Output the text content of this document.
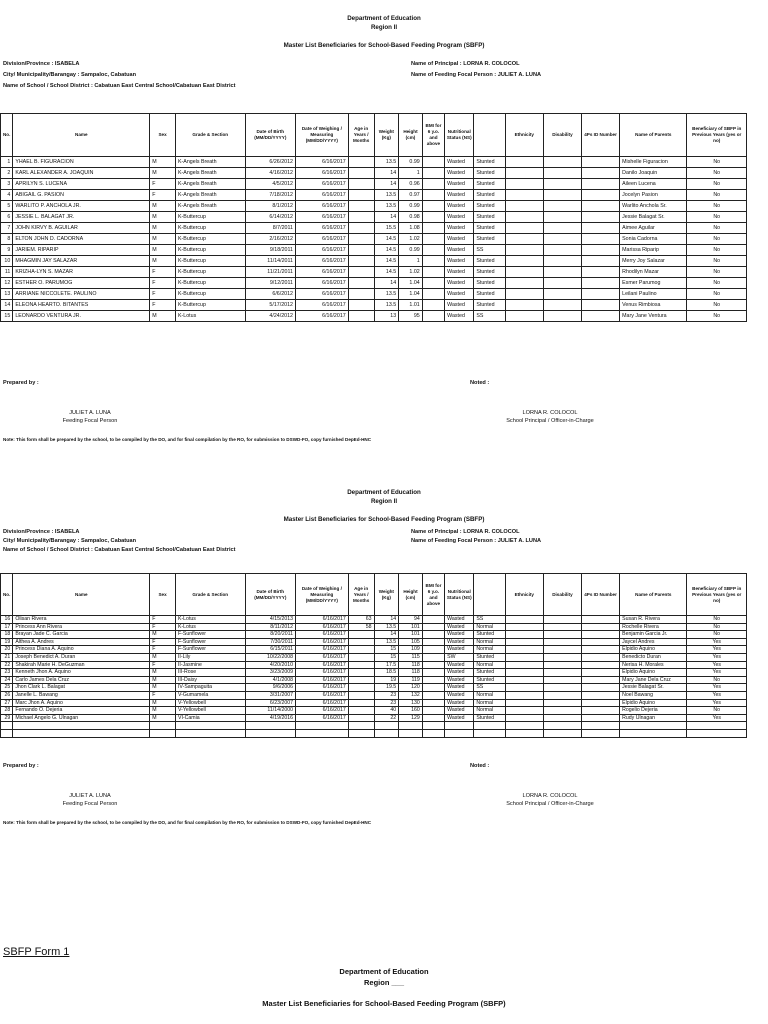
Department of Education
Region II
Master List Beneficiaries for School-Based Feeding Program (SBFP)
Division/Province : ISABELA
City/ Municipality/Barangay : Sampaloc, Cabatuan
Name of School / School District : Cabatuan East Central School/Cabatuan East District
Name of Principal : LORNA R. COLOCOL
Name of Feeding Focal Person : JULIET A. LUNA
No.	Name	Sex	Grade & Section	Date of Birth (MM/DD/YYYY)	Date of Weighing / Measuring (MM/DD/YYYY)	Age in Years / Months	Weight (Kg)	Height (cm)	BMI for 6 y.o. and above	Nutritional Status (NS)		Ethnicity	Disability	4Ps ID Number	Name of Parents	Beneficiary of SBFP in Previous Years (yes or no)
1	YHAEL B. FIGURACION	M	K-Angels Breath	6/26/2012	6/16/2017		13.5	0.99		Wasted	Stunted				Mishelle Figuracion	No
2	KARL ALEXANDER A. JOAQUIN	M	K-Angels Breath	4/16/2012	6/16/2017		14	1		Wasted	Stunted				Danilo Joaquin	No
3	APRILYN S. LUCENA	F	K-Angels Breath	4/5/2012	6/16/2017		14	0.96		Wasted	Stunted				Aileen Lucena	No
4	ABIGAIL G. PASION	F	K-Angels Breath	7/18/2012	6/16/2017		13.5	0.97		Wasted	Stunted				Jocelyn Pasion	No
5	WARLITO P. ANCHOLA JR.	M	K-Angels Breath	8/1/2012	6/16/2017		13.5	0.99		Wasted	Stunted				Warlito Anchola Sr.	No
6	JESSIE L. BALAGAT JR.	M	K-Buttercup	6/14/2012	6/16/2017		14	0.98		Wasted	Stunted				Jessie Balagat Sr.	No
7	JOHN KIRVY B. AGUILAR	M	K-Buttercup	8/7/2011	6/16/2017		15.5	1.08		Wasted	Stunted				Aimee Aguilar	No
8	ELTON JOHN D. CADORNA	M	K-Buttercup	2/16/2012	6/16/2017		14.5	1.02		Wasted	Stunted				Sonia Cadorna	No
9	JARIEM. RIPARIP	M	K-Buttercup	9/18/2011	6/16/2017		14.5	0.99		Wasted	SS				Marissa Riparip	No
10	MHAGMIN JAY SALAZAR	M	K-Buttercup	11/14/2011	6/16/2017		14.5	1		Wasted	Stunted				Merry Joy Salazar	No
11	KRIZHA-LYN S. MAZAR	F	K-Buttercup	11/21/2011	6/16/2017		14.5	1.02		Wasted	Stunted				Rhodilyn Mazar	No
12	ESTHER O. PARUMOG	F	K-Buttercup	9/12/2011	6/16/2017		14	1.04		Wasted	Stunted				Esmer Parumog	No
13	ARRIANE NICCOLETE. PAULINO	F	K-Buttercup	6/6/2012	6/16/2017		13.5	1.04		Wasted	Stunted				Leilani Paulino	No
14	ELEONA HEARTO. BITANTES	F	K-Buttercup	5/17/2012	6/16/2017		13.5	1.01		Wasted	Stunted				Venus Rimbiosa	No
15	LEONARDO VENTURA JR.	M	K-Lotus	4/24/2012	6/16/2017		13	95		Wasted	SS				Mary Jane Ventura	No
Prepared by :	Noted :
JULIET A. LUNA
Feeding Focal Person
LORNA R. COLOCOL
School Principal / Officer-in-Charge
Note: This form shall be prepared by the school, to be compiled by the DO, and for final compilation by the RO, for submission to DSWD-FO, copy furnished DepEd-HNC
Department of Education
Region II
Master List Beneficiaries for School-Based Feeding Program (SBFP)
Division/Province : ISABELA
City/ Municipality/Barangay : Sampaloc, Cabatuan
Name of School / School District : Cabatuan East Central School/Cabatuan East District
Name of Principal : LORNA R. COLOCOL
Name of Feeding Focal Person : JULIET A. LUNA
No.	Name	Sex	Grade & Section	Date of Birth (MM/DD/YYYY)	Date of Weighing / Measuring (MM/DD/YYYY)	Age in Years / Months	Weight (Kg)	Height (cm)	BMI for 6 y.o. and above	Nutritional Status (NS)		Ethnicity	Disability	4Ps ID Number	Name of Parents	Beneficiary of SBFP in Previous Years (yes or no)
16	Olisan Rivera	F	K-Lotus	4/15/2013	6/16/2017	63	14	94		Wasted	SS				Susan R. Rivera	No
17	Princess Ann Rivera	F	K-Lotus	8/11/2012	6/16/2017	58	13.5	101		Wasted	Normal				Rochelle Rivera	No
18	Brayan Jade C. Garcia	M	F-Sunflower	8/20/2011	6/16/2017		14	101		Wasted	Stunted				Benjamin Garcia Jr.	No
19	Althea A. Andres	F	F-Sunflower	7/30/2011	6/16/2017		13.5	105		Wasted	Normal				Jaycel Andres	Yes
20	Princess Diana A. Aquino	F	F-Sunflower	6/15/2011	6/16/2017		15	109		Wasted	Normal				Elpidio Aquino	Yes
21	Joseph Benedict A. Duran	M	II-Lily	10/22/2008	6/16/2017		15	115		SW	Stunted				Benedicto Duran	Yes
22	Shakirah Marie H. DeGuzman	F	II-Jasmine	4/20/2010	6/16/2017		17.5	118		Wasted	Normal				Nerisa H. Morales	Yes
23	Kenneth Jhon A. Aquino	M	III-Rose	3/23/2009	6/16/2017		18.5	118		Wasted	Stunted				Elpidio Aquino	Yes
24	Carlo James Dela Cruz	M	III-Daisy	4/1/2008	6/16/2017		19	119		Wasted	Stunted				Mary Jane Dela Cruz	No
25	Jhon Clark L. Balagat	M	IV-Sampaguita	9/6/2006	6/16/2017		19.5	120		Wasted	SS				Jessie Balagat Sr.	Yes
26	Janelle L. Bawang	F	V-Gumamela	3/31/2007	6/16/2017		23	132		Wasted	Normal				Noel Bawang	Yes
27	Marc Jhon A. Aquino	M	V-Yellowbell	6/23/2007	6/16/2017		23	130		Wasted	Normal				Elpidio Aquino	Yes
28	Fernando O. Dejeria	M	V-Yellowbell	11/14/2000	6/16/2017		40	160		Wasted	Normal				Rogelio Dejeria	No
29	Michael Angelo G. Ulnagan	M	VI-Camia	4/19/2016	6/16/2017		22	129		Wasted	Stunted				Rudy Ulnagan	Yes

Prepared by :	Noted :
JULIET A. LUNA
Feeding Focal Person
LORNA R. COLOCOL
School Principal / Officer-in-Charge
Note: This form shall be prepared by the school, to be compiled by the DO, and for final compilation by the RO, for submission to DSWD-FO, copy furnished DepEd-HNC
SBFP Form 1
Department of Education
Region ___
Master List Beneficiaries for School-Based Feeding Program (SBFP)
